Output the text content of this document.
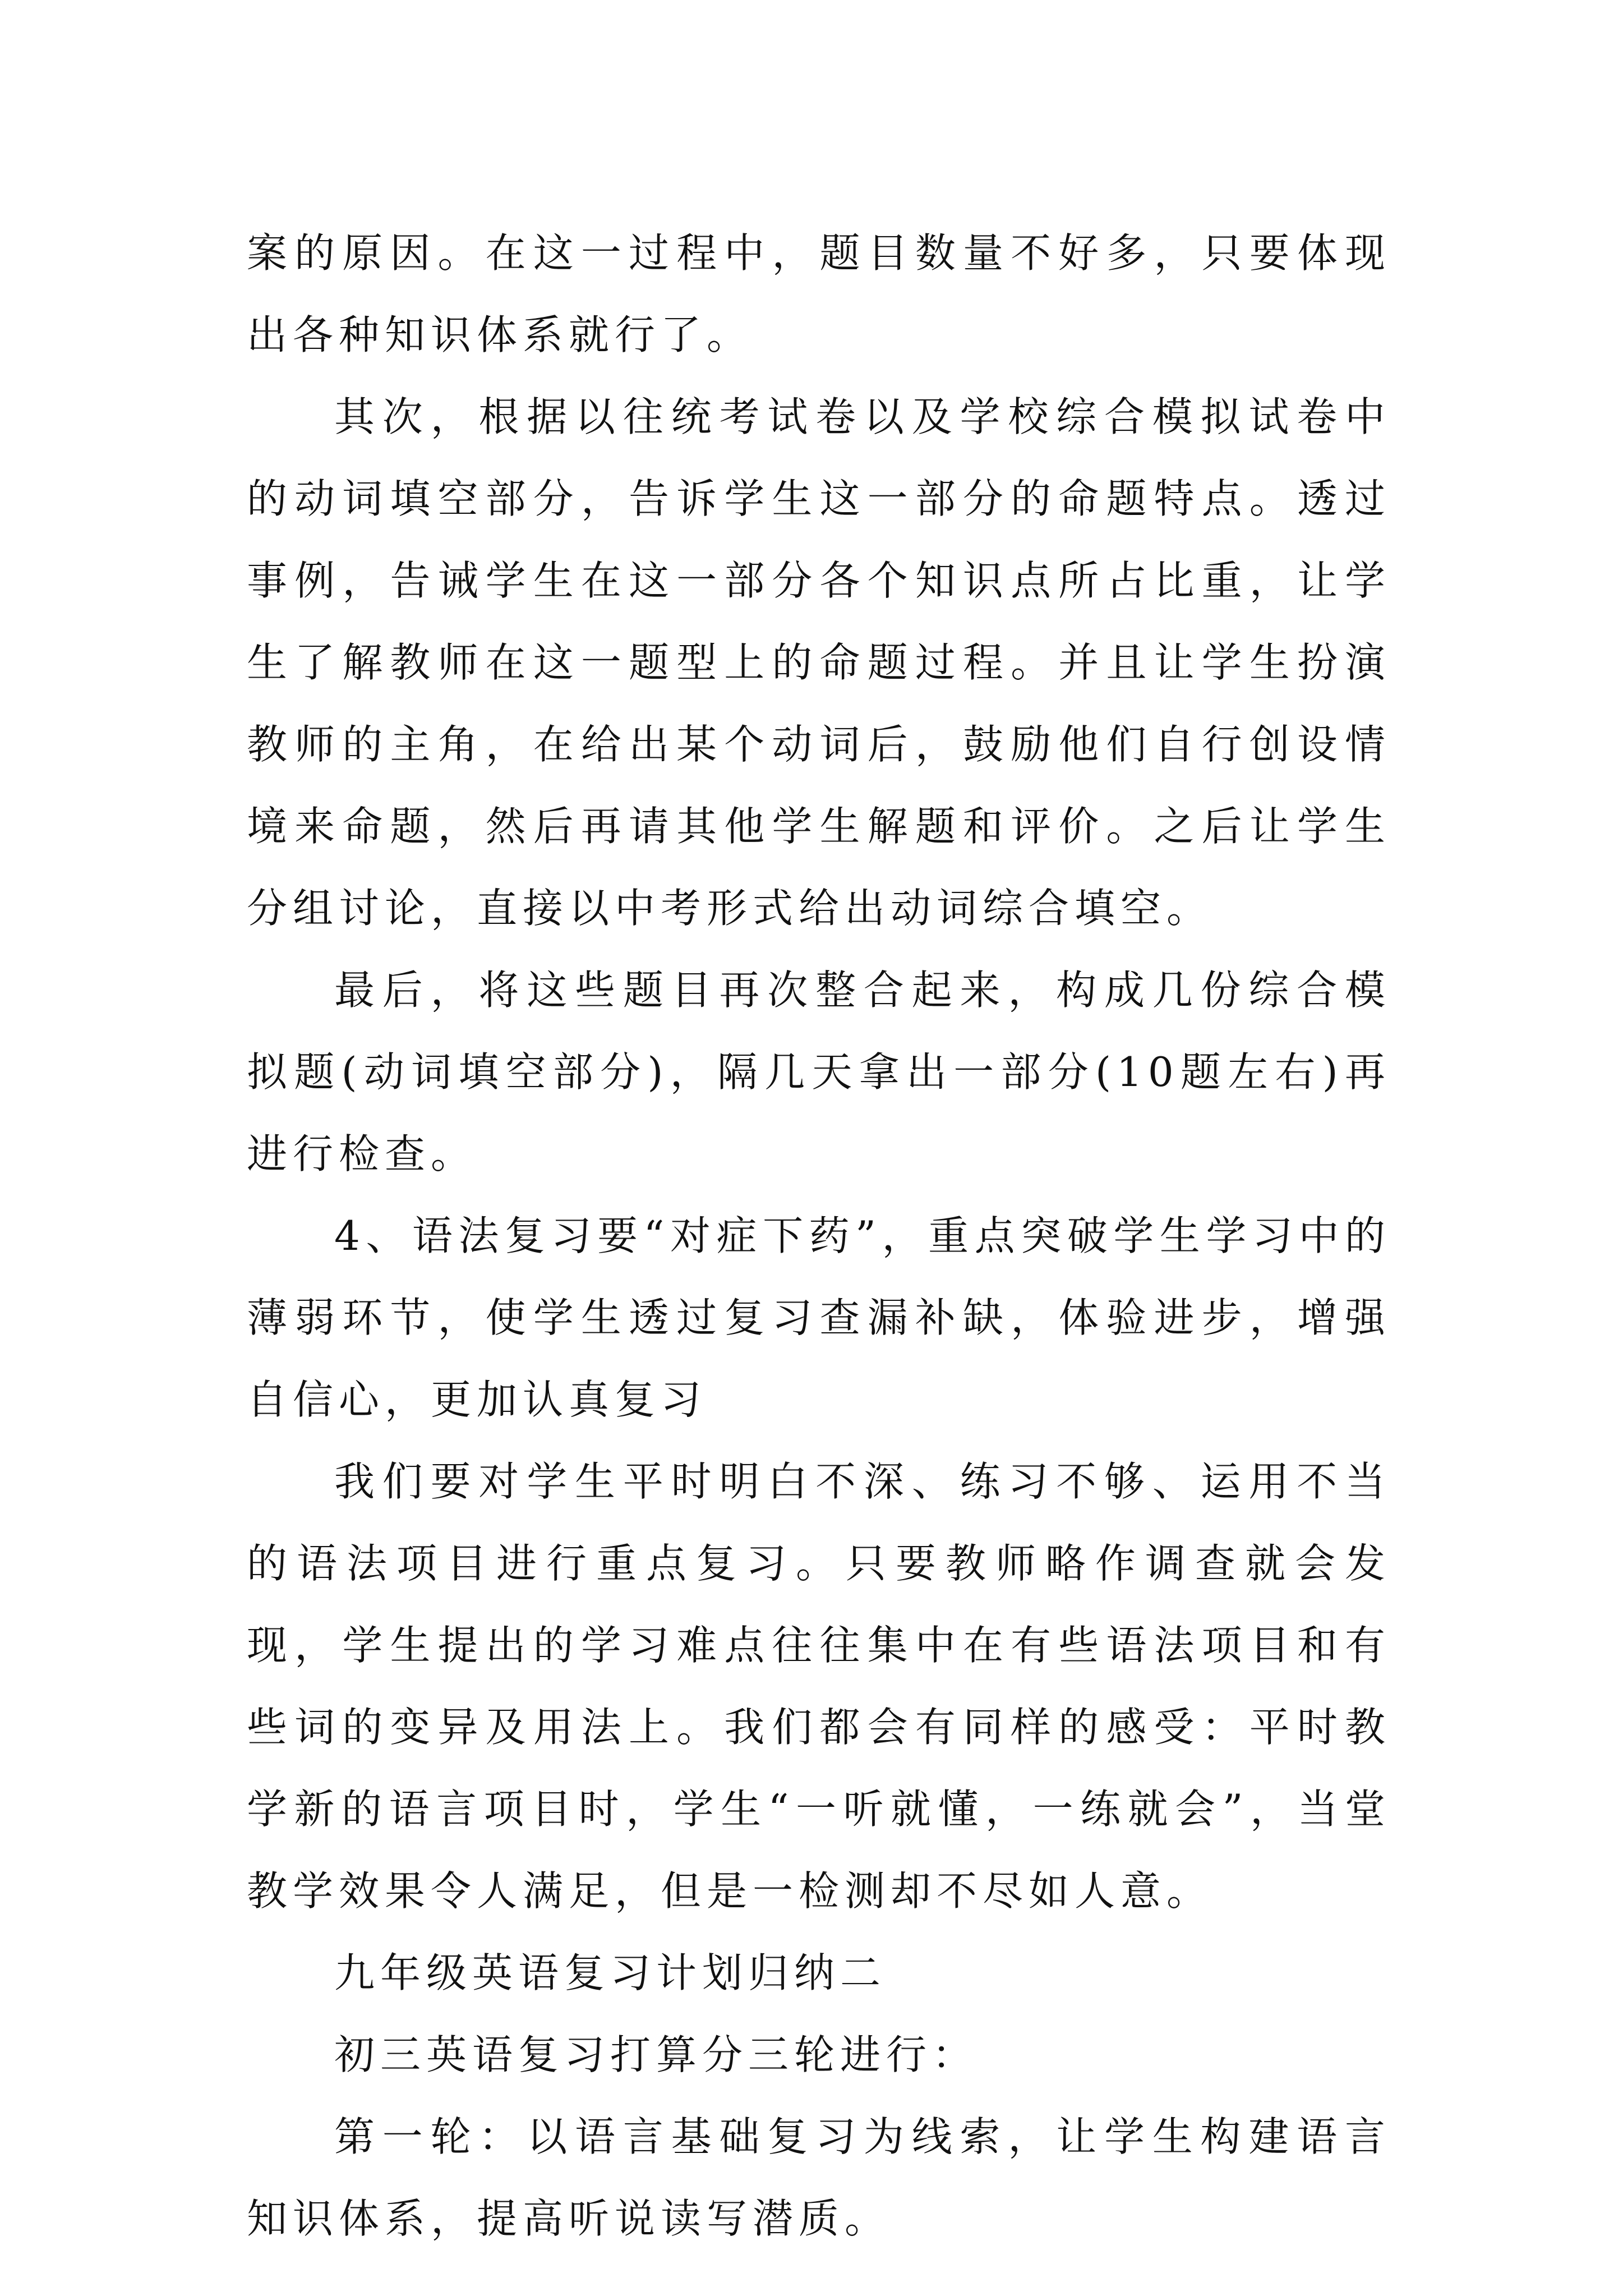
案的原因。在这一过程中，题目数量不好多，只要体现出各种知识体系就行了。

其次，根据以往统考试卷以及学校综合模拟试卷中的动词填空部分，告诉学生这一部分的命题特点。透过事例，告诫学生在这一部分各个知识点所占比重，让学生了解教师在这一题型上的命题过程。并且让学生扮演教师的主角，在给出某个动词后，鼓励他们自行创设情境来命题，然后再请其他学生解题和评价。之后让学生分组讨论，直接以中考形式给出动词综合填空。

最后，将这些题目再次整合起来，构成几份综合模拟题(动词填空部分)，隔几天拿出一部分(10题左右)再进行检查。

4、语法复习要“对症下药”，重点突破学生学习中的薄弱环节，使学生透过复习查漏补缺，体验进步，增强自信心，更加认真复习

我们要对学生平时明白不深、练习不够、运用不当的语法项目进行重点复习。只要教师略作调查就会发现，学生提出的学习难点往往集中在有些语法项目和有些词的变异及用法上。我们都会有同样的感受：平时教学新的语言项目时，学生“一听就懂，一练就会”，当堂教学效果令人满足，但是一检测却不尽如人意。

九年级英语复习计划归纳二

初三英语复习打算分三轮进行：

第一轮：以语言基础复习为线索，让学生构建语言知识体系，提高听说读写潜质。
